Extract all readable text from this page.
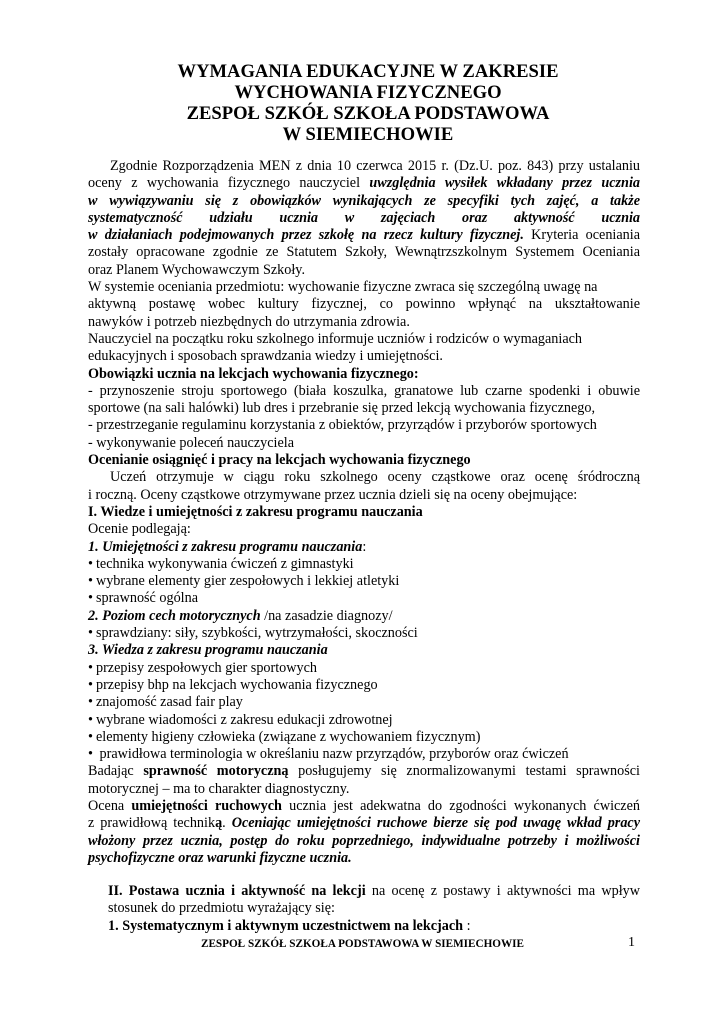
WYMAGANIA EDUKACYJNE W ZAKRESIE
WYCHOWANIA FIZYCZNEGO
ZESPOŁ SZKÓŁ SZKOŁA PODSTAWOWA
W SIEMIECHOWIE
Zgodnie Rozporządzenia MEN z dnia 10 czerwca 2015 r. (Dz.U. poz. 843) przy ustalaniu
oceny z wychowania fizycznego nauczyciel uwzględnia wysiłek wkładany przez ucznia
w wywiązywaniu się z obowiązków wynikających ze specyfiki tych zajęć, a także
systematyczność udziału ucznia w zajęciach oraz aktywność ucznia
w działaniach podejmowanych przez szkołę na rzecz kultury fizycznej. Kryteria oceniania
zostały opracowane zgodnie ze Statutem Szkoły, Wewnątrzszkolnym Systemem Oceniania
oraz Planem Wychowawczym Szkoły.
W systemie oceniania przedmiotu: wychowanie fizyczne zwraca się szczególną uwagę na
aktywną postawę wobec kultury fizycznej, co powinno wpłynąć na ukształtowanie
nawyków i potrzeb niezbędnych do utrzymania zdrowia.
Nauczyciel na początku roku szkolnego informuje uczniów i rodziców o wymaganiach
edukacyjnych i sposobach sprawdzania wiedzy i umiejętności.
Obowiązki ucznia na lekcjach wychowania fizycznego:
- przynoszenie stroju sportowego (biała koszulka, granatowe lub czarne spodenki i obuwie
sportowe (na sali halówki) lub dres i przebranie się przed lekcją wychowania fizycznego,
- przestrzeganie regulaminu korzystania z obiektów, przyrządów i przyborów sportowych
- wykonywanie poleceń nauczyciela
Ocenianie osiągnięć i pracy na lekcjach wychowania fizycznego
Uczeń otrzymuje w ciągu roku szkolnego oceny cząstkowe oraz ocenę śródroczną
i roczną. Oceny cząstkowe otrzymywane przez ucznia dzieli się na oceny obejmujące:
I. Wiedze i umiejętności z zakresu programu nauczania
Ocenie podlegają:
1. Umiejętności z zakresu programu nauczania:
• technika wykonywania ćwiczeń z gimnastyki
• wybrane elementy gier zespołowych i lekkiej atletyki
• sprawność ogólna
2. Poziom cech motorycznych /na zasadzie diagnozy/
• sprawdziany: siły, szybkości, wytrzymałości, skoczności
3. Wiedza z zakresu programu nauczania
• przepisy zespołowych gier sportowych
• przepisy bhp na lekcjach wychowania fizycznego
• znajomość zasad fair play
• wybrane wiadomości z zakresu edukacji zdrowotnej
• elementy higieny człowieka (związane z wychowaniem fizycznym)
• prawidłowa terminologia w określaniu nazw przyrządów, przyborów oraz ćwiczeń
Badając sprawność motoryczną posługujemy się znormalizowanymi testami sprawności
motorycznej – ma to charakter diagnostyczny.
Ocena umiejętności ruchowych ucznia jest adekwatna do zgodności wykonanych ćwiczeń
z prawidłową techniką. Oceniając umiejętności ruchowe bierze się pod uwagę wkład pracy
włożony przez ucznia, postęp do roku poprzedniego, indywidualne potrzeby i możliwości
psychofizyczne oraz warunki fizyczne ucznia.
II. Postawa ucznia i aktywność na lekcji na ocenę z postawy i aktywności ma wpływ
stosunek do przedmiotu wyrażający się:
1. Systematycznym i aktywnym uczestnictwem na lekcjach :
ZESPOŁ SZKÓŁ SZKOŁA PODSTAWOWA W SIEMIECHOWIE	1
